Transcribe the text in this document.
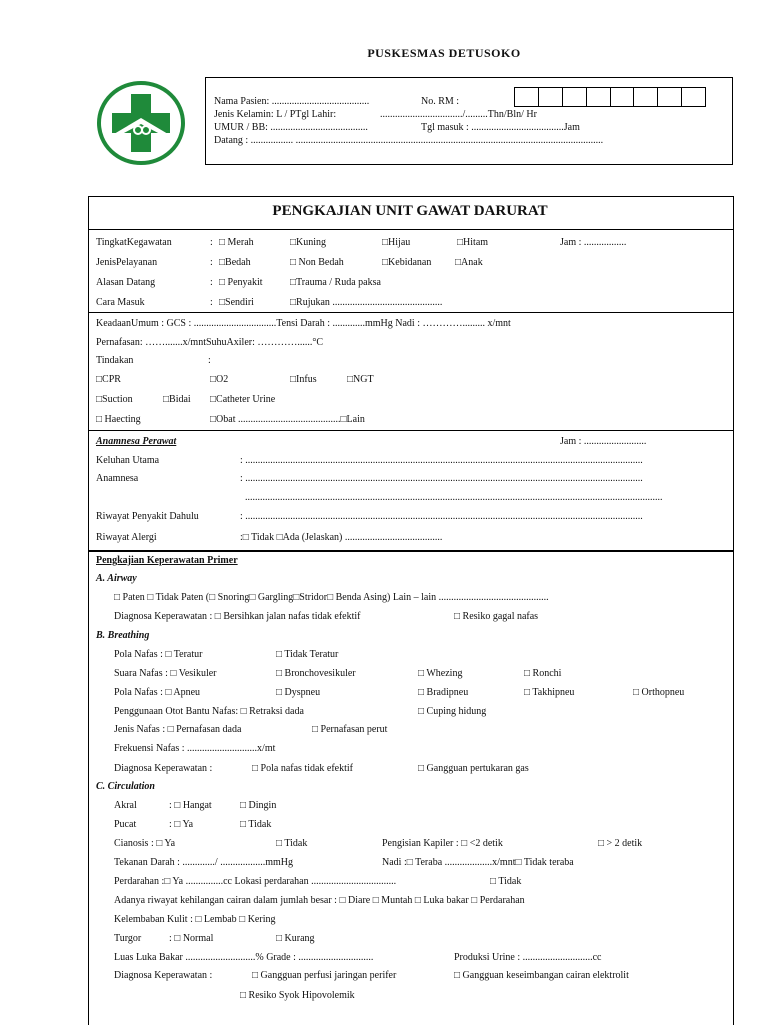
PUSKESMAS DETUSOKO
Nama Pasien: .......................................	No. RM :
Jenis Kelamin: L / PTgl Lahir:	................................./.........Thn/Bln/ Hr
UMUR / BB: .......................................	Tgl masuk : .....................................Jam
Datang : ................. ...........................................................................................................................
PENGKAJIAN UNIT GAWAT DARURAT
TingkatKegawatan	: □ Merah	□Kuning	□Hijau	□Hitam	Jam : .................
JenisPelayanan	: □Bedah	□ Non Bedah	□Kebidanan □Anak
Alasan Datang	: □ Penyakit	□Trauma / Ruda paksa
Cara Masuk	: □Sendiri	□Rujukan ............................................
KeadaanUmum : GCS : .................................Tensi Darah : .............mmHg Nadi : …………......... x/mnt
Pernafasan: …….......x/mntSuhuAxiler: …………......°C
Tindakan	:
□CPR	□O2	□Infus	□NGT
□Suction	□Bidai □Catheter Urine
□ Haecting	□Obat .........................................□Lain
Anamnesa Perawat	Jam : .........................
Keluhan Utama	: ...............................................................................................................................................................
Anamnesa	: ...............................................................................................................................................................
.......................................................................................................................................................................
Riwayat Penyakit Dahulu	: ...............................................................................................................................................................
Riwayat Alergi	:□ Tidak □Ada (Jelaskan) .......................................
Pengkajian Keperawatan Primer
A. Airway
□ Paten □ Tidak Paten (□ Snoring□ Gargling□Stridor□ Benda Asing) Lain – lain ............................................
Diagnosa Keperawatan : □ Bersihkan jalan nafas tidak efektif	□ Resiko gagal nafas
B. Breathing
Pola Nafas : □ Teratur	□ Tidak Teratur
Suara Nafas : □ Vesikuler	□ Bronchovesikuler	□ Whezing	□ Ronchi
Pola Nafas : □ Apneu	□ Dyspneu	□ Bradipneu	□ Takhipneu	□ Orthopneu
Penggunaan Otot Bantu Nafas: □ Retraksi dada	□ Cuping hidung
Jenis Nafas : □ Pernafasan dada	□ Pernafasan perut
Frekuensi Nafas : ............................x/mt
Diagnosa Keperawatan :	□ Pola nafas tidak efektif	□ Gangguan pertukaran gas
C. Circulation
Akral	: □ Hangat	□ Dingin
Pucat	: □ Ya	□ Tidak
Cianosis : □ Ya	□ Tidak	Pengisian Kapiler : □ <2 detik	□ > 2 detik
Tekanan Darah : ............./ ..................mmHg	Nadi :□ Teraba ...................x/mnt□ Tidak teraba
Perdarahan :□ Ya ...............cc Lokasi perdarahan ..................................	□ Tidak
Adanya riwayat kehilangan cairan dalam jumlah besar : □ Diare □ Muntah □ Luka bakar □ Perdarahan
Kelembaban Kulit : □ Lembab □ Kering
Turgor	: □ Normal	□ Kurang
Luas Luka Bakar ............................% Grade : ..............................	Produksi Urine : ............................cc
Diagnosa Keperawatan :	□ Gangguan perfusi jaringan perifer	□ Gangguan keseimbangan cairan elektrolit
□ Resiko Syok Hipovolemik
